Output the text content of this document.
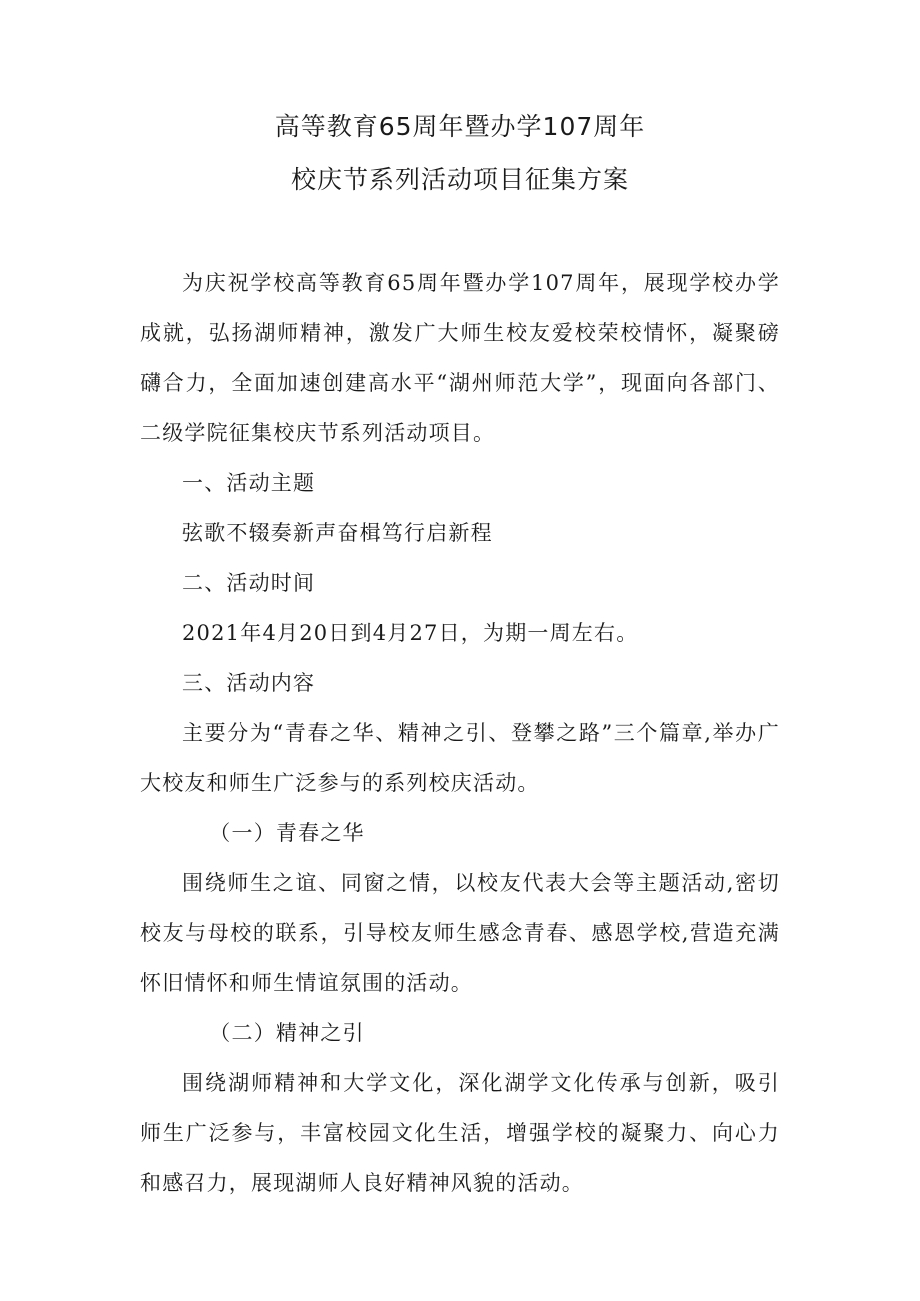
高等教育65周年暨办学107周年
校庆节系列活动项目征集方案

为庆祝学校高等教育65周年暨办学107周年，展现学校办学成就，弘扬湖师精神，激发广大师生校友爱校荣校情怀，凝聚磅礴合力，全面加速创建高水平“湖州师范大学”，现面向各部门、二级学院征集校庆节系列活动项目。

一、活动主题

弦歌不辍奏新声奋楫笃行启新程

二、活动时间

2021年4月20日到4月27日，为期一周左右。

三、活动内容

主要分为“青春之华、精神之引、登攀之路”三个篇章,举办广大校友和师生广泛参与的系列校庆活动。

（一）青春之华

围绕师生之谊、同窗之情，以校友代表大会等主题活动,密切校友与母校的联系，引导校友师生感念青春、感恩学校,营造充满怀旧情怀和师生情谊氛围的活动。

（二）精神之引

围绕湖师精神和大学文化，深化湖学文化传承与创新，吸引师生广泛参与，丰富校园文化生活，增强学校的凝聚力、向心力和感召力，展现湖师人良好精神风貌的活动。
